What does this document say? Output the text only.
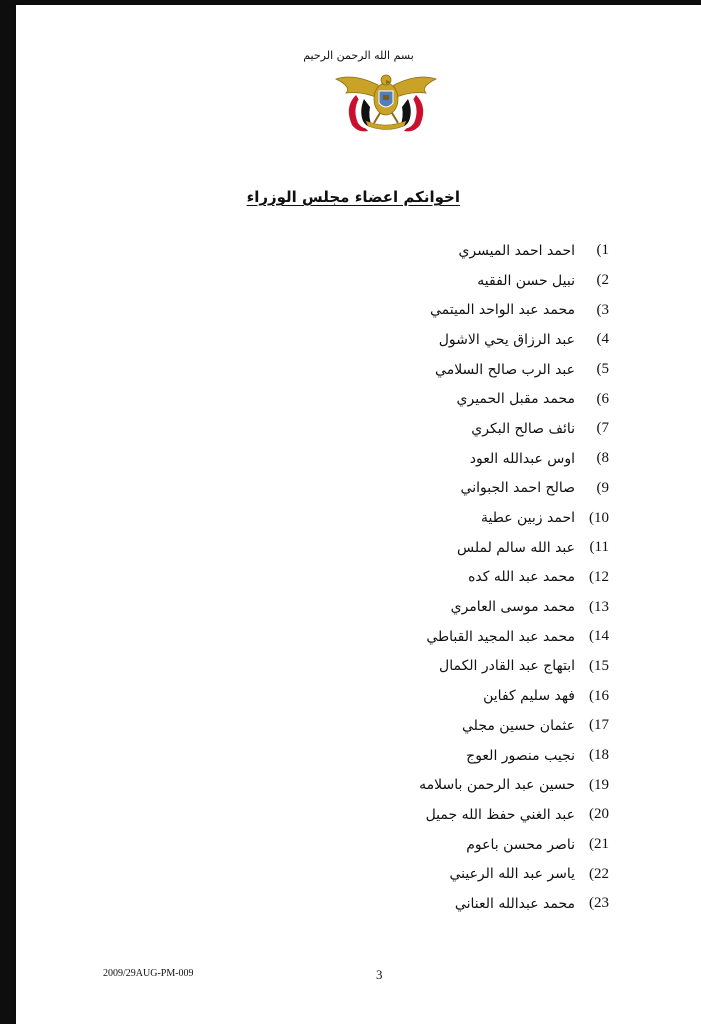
بسم الله الرحمن الرحيم
اخوانكم اعضاء مجلس الوزراء
1)
احمد احمد الميسري
2)
نبيل حسن الفقيه
3)
محمد عبد الواحد الميتمي
4)
عبد الرزاق يحي الاشول
5)
عبد الرب صالح السلامي
6)
محمد مقبل الحميري
7)
نائف صالح البكري
8)
اوس عبدالله العود
9)
صالح احمد الجبواني
10)
احمد زبين عطية
11)
عبد الله سالم لملس
12)
محمد عبد الله كده
13)
محمد موسى العامري
14)
محمد عبد المجيد القباطي
15)
ابتهاج عبد القادر الكمال
16)
فهد سليم كفاين
17)
عثمان حسين مجلي
18)
نجيب منصور العوج
19)
حسين عبد الرحمن باسلامه
20)
عبد الغني حفظ الله جميل
21)
ناصر محسن باعوم
22)
ياسر عبد الله الرعيني
23)
محمد عبدالله العناني
2009/29AUG-PM-009	3
